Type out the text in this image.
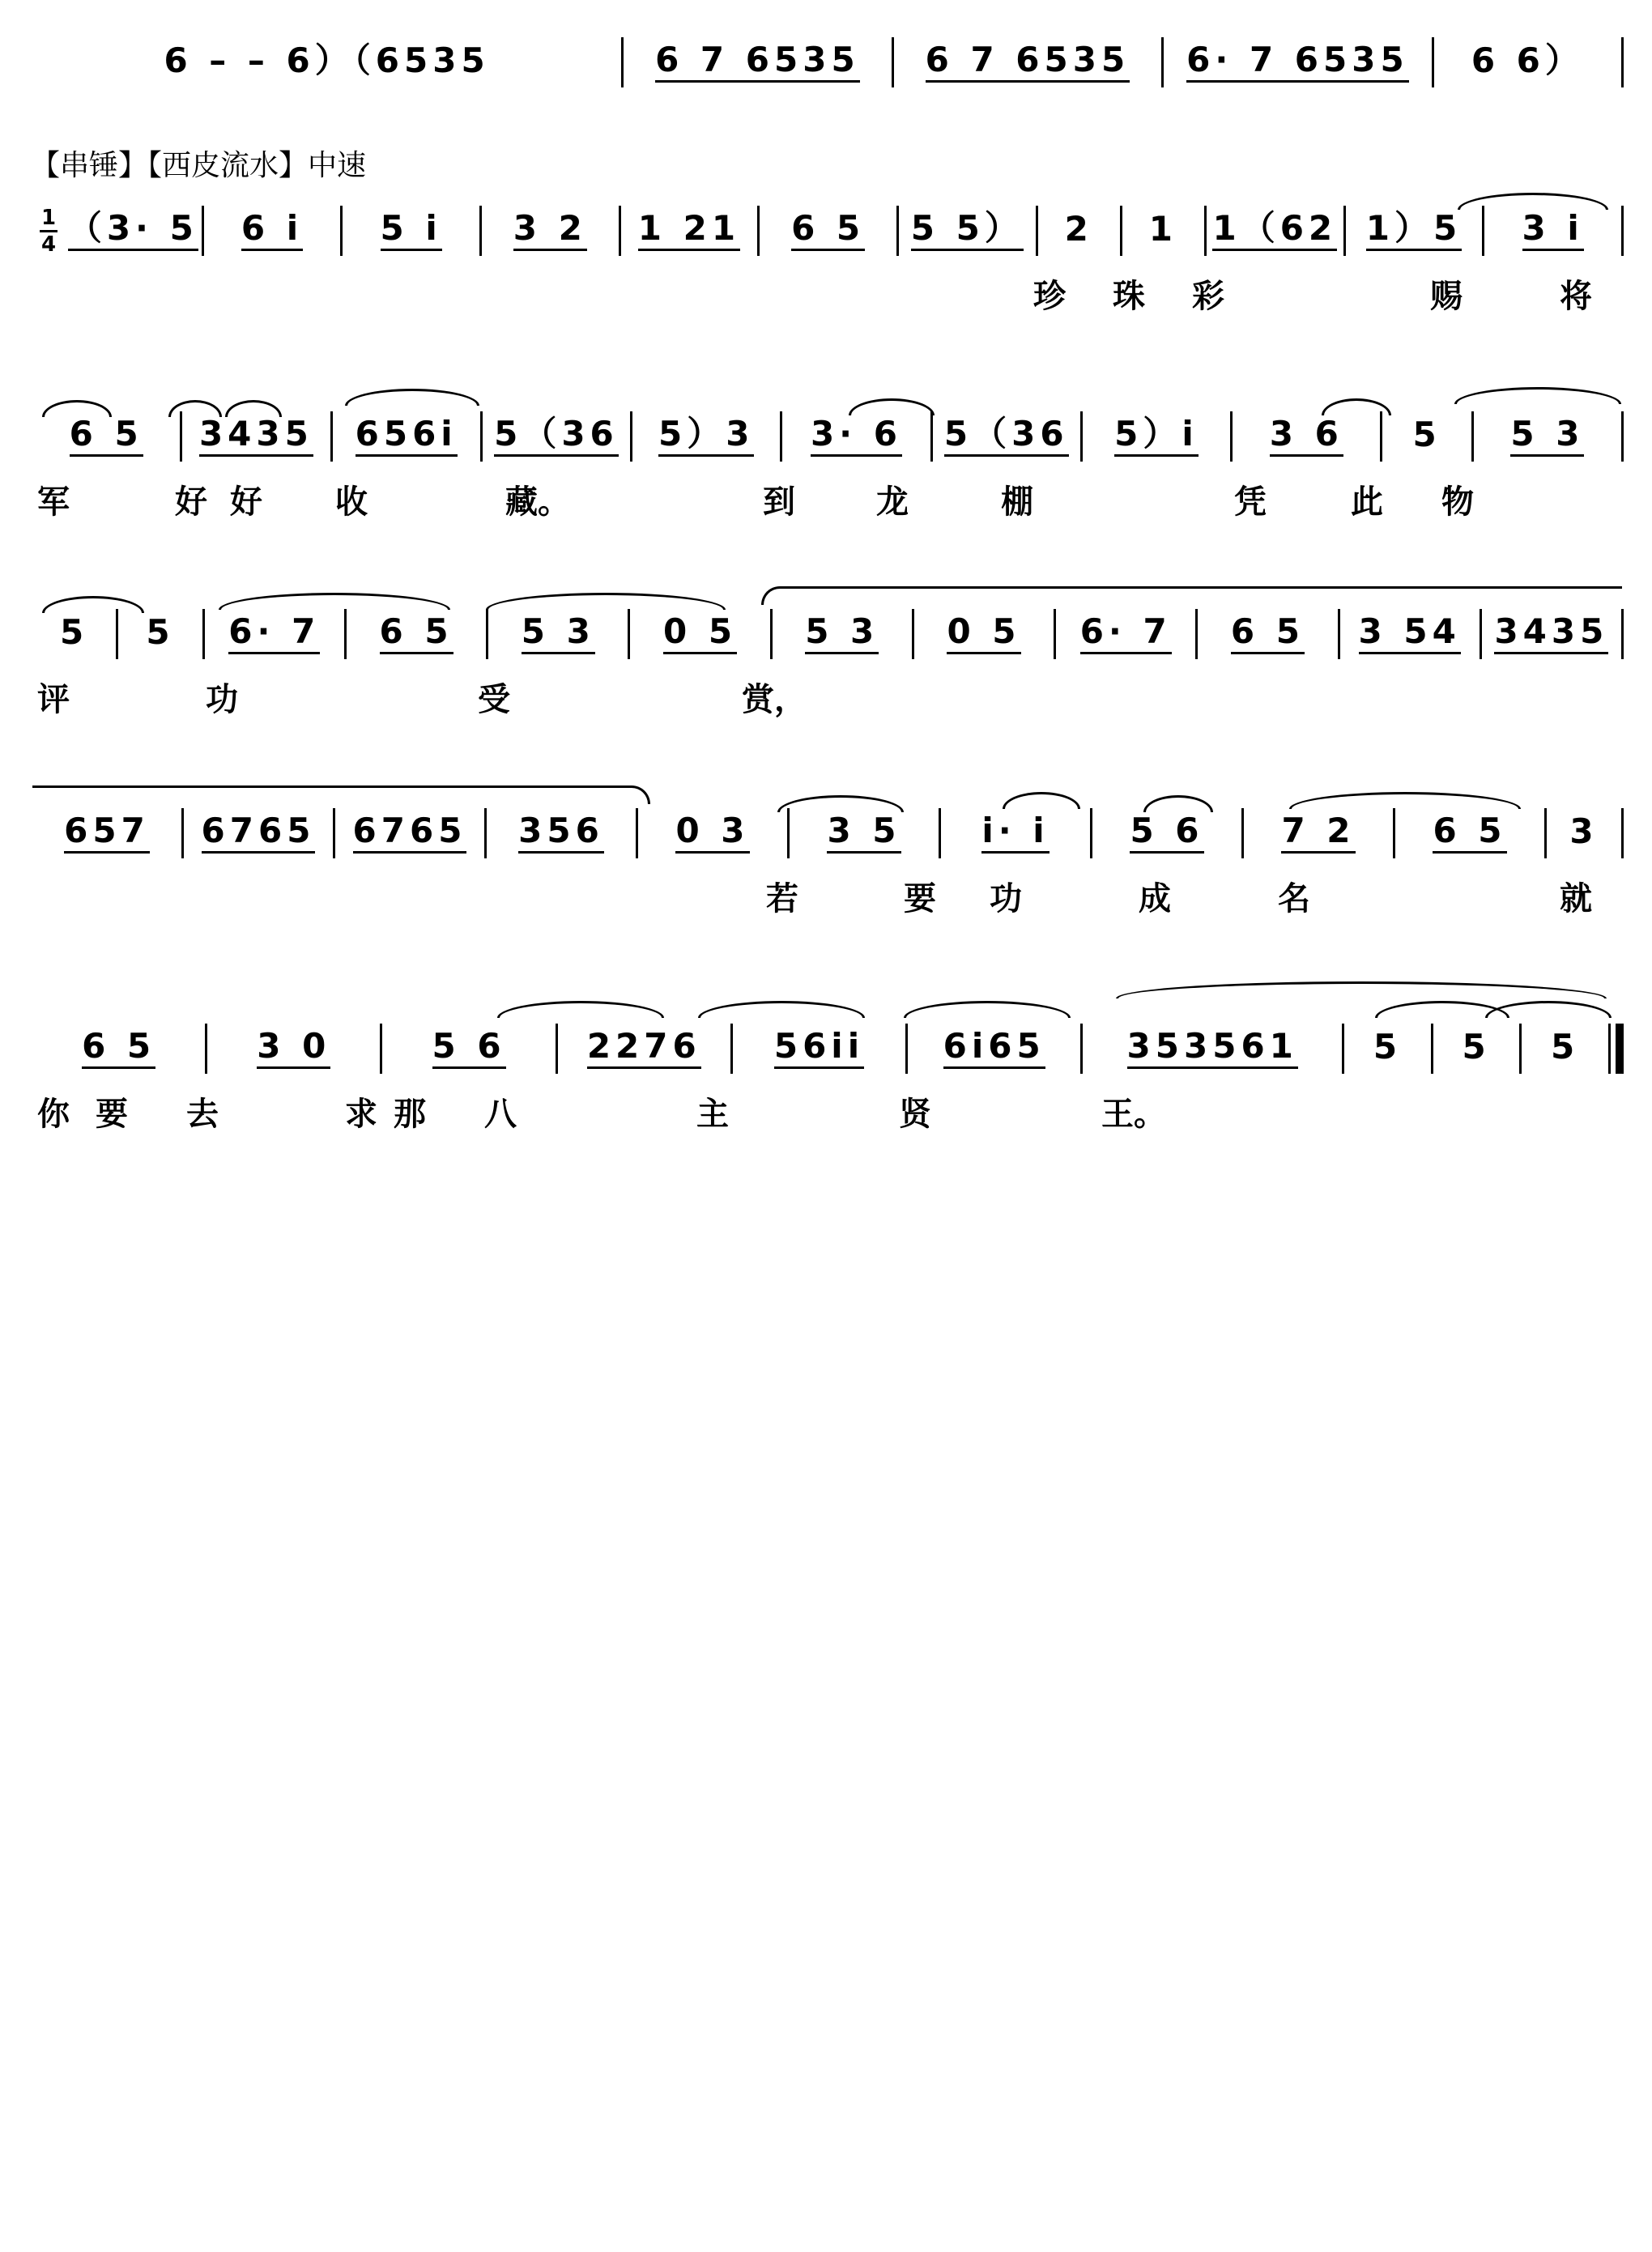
6 – – 6）（6535	6 7 6535 6 7 6535 6· 7 6535 6 6）
【串锤】【西皮流水】中速
1
4 （3· 5 6 i 5 i 3 2 1 21 6 5 5 5） 2 1 1（62 1）5 3 i
珍 珠 彩	赐	将
6 5 3435 656i 5（36 5）3 3· 6 5（36 5）i 3 6 5 5 3
军	好 好 收	藏。	到	龙	棚	凭	此 物
5 5 6· 7 6 5 5 3 0 5 5 3 0 5 6· 7 6 5 3 54 3435
评	功	受	赏，
657 6765 6765 356 0 3 3 5 i· i 5 6 7 2 6 5 3
若	要 功	成	名	就
6 5	3 0	5 6 2276 56ii 6i65 353561 5 5 5
你 要 去	求 那 八	主	贤	王。
